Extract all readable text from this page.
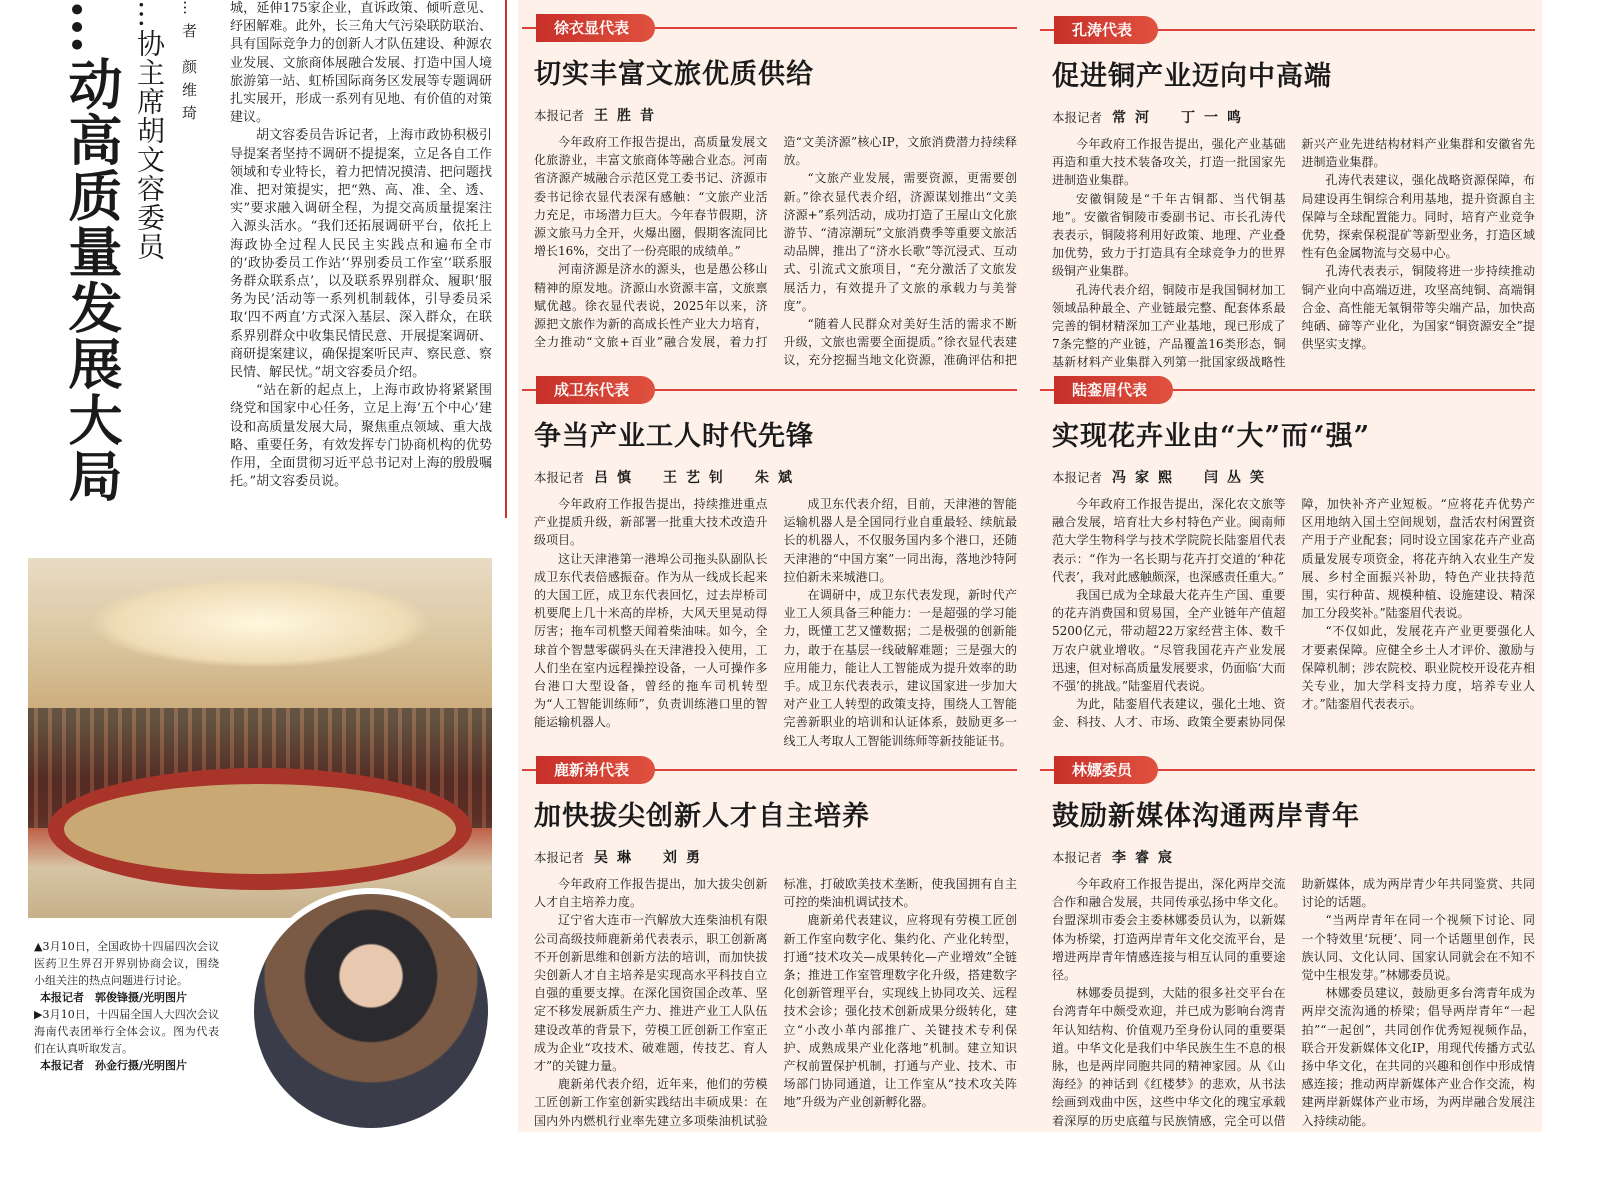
…动高质量发展大局 …协主席胡文容委员 …者 颜维琦 城，延伸175家企业，直诉政策、倾听意见、纾困解难。此外，长三角大气污染联防联治、具有国际竞争力的创新人才队伍建设、种源农业发展、文旅商体展融合发展、打造中国人境旅游第一站、虹桥国际商务区发展等专题调研扎实展开，形成一系列有见地、有价值的对策建议。

胡文容委员告诉记者，上海市政协积极引导提案者坚持不调研不提提案，立足各自工作领域和专业特长，着力把情况摸清、把问题找准、把对策提实，把“熟、高、准、全、透、实”要求融入调研全程，为提交高质量提案注入源头活水。“我们还拓展调研平台，依托上海政协全过程人民民主实践点和遍布全市的‘政协委员工作站’‘界别委员工作室’‘联系服务群众联系点’，以及联系界别群众、履职‘服务为民’活动等一系列机制载体，引导委员采取‘四不两直’方式深入基层、深入群众，在联系界别群众中收集民情民意、开展提案调研、商研提案建议，确保提案听民声、察民意、察民情、解民忧。”胡文容委员介绍。

“站在新的起点上，上海市政协将紧紧围绕党和国家中心任务，立足上海‘五个中心’建设和高质量发展大局，聚焦重点领域、重大战略、重要任务，有效发挥专门协商机构的优势作用，全面贯彻习近平总书记对上海的殷殷嘱托。”胡文容委员说。

▲3月10日，全国政协十四届四次会议医药卫生界召开界别协商会议，围绕小组关注的热点问题进行讨论。

本报记者　郭俊锋摄/光明图片

▶3月10日，十四届全国人大四次会议海南代表团举行全体会议。图为代表们在认真听取发言。

本报记者　孙金行摄/光明图片

徐衣显代表
切实丰富文旅优质供给
本报记者 王胜昔

今年政府工作报告提出，高质量发展文化旅游业，丰富文旅商体等融合业态。河南省济源产城融合示范区党工委书记、济源市委书记徐衣显代表深有感触：“文旅产业活力充足，市场潜力巨大。今年春节假期，济源文旅马力全开，火爆出圈，假期客流同比增长16%，交出了一份亮眼的成绩单。”

河南济源是济水的源头，也是愚公移山精神的原发地。济源山水资源丰富，文旅禀赋优越。徐衣显代表说，2025年以来，济源把文旅作为新的高成长性产业大力培育，全力推动“文旅+百业”融合发展，着力打造“文美济源”核心IP，文旅消费潜力持续释放。

“文旅产业发展，需要资源，更需要创新。”徐衣显代表介绍，济源谋划推出“文美济源+”系列活动，成功打造了王屋山文化旅游节、“清凉潮玩”文旅消费季等重要文旅活动品牌，推出了“济水长歌”等沉浸式、互动式、引流式文旅项目，“充分激活了文旅发展活力，有效提升了文旅的承载力与美誉度”。

“随着人民群众对美好生活的需求不断升级，文旅也需要全面提质。”徐衣显代表建议，充分挖掘当地文化资源，准确评估和把

孔涛代表
促进铜产业迈向中高端
本报记者 常河　丁一鸣

今年政府工作报告提出，强化产业基础再造和重大技术装备攻关，打造一批国家先进制造业集群。

安徽铜陵是“千年古铜都、当代铜基地”。安徽省铜陵市委副书记、市长孔涛代表表示，铜陵将利用好政策、地理、产业叠加优势，致力于打造具有全球竞争力的世界级铜产业集群。

孔涛代表介绍，铜陵市是我国铜材加工领域品种最全、产业链最完整、配套体系最完善的铜材精深加工产业基地，现已形成了7条完整的产业链，产品覆盖16类形态，铜基新材料产业集群入列第一批国家级战略性新兴产业先进结构材料产业集群和安徽省先进制造业集群。

孔涛代表建议，强化战略资源保障，布局建设再生铜综合利用基地，提升资源自主保障与全球配置能力。同时，培育产业竞争优势，探索保税混矿等新型业务，打造区域性有色金属物流与交易中心。

孔涛代表表示，铜陵将进一步持续推动铜产业向中高端迈进，攻坚高纯铜、高端铜合金、高性能无氧铜带等尖端产品，加快高纯硒、碲等产业化，为国家“铜资源安全”提供坚实支撑。

成卫东代表
争当产业工人时代先锋
本报记者 吕慎　王艺钊　朱斌

今年政府工作报告提出，持续推进重点产业提质升级，新部署一批重大技术改造升级项目。

这让天津港第一港埠公司拖头队副队长成卫东代表倍感振奋。作为从一线成长起来的大国工匠，成卫东代表回忆，过去岸桥司机要爬上几十米高的岸桥，大风天里晃动得厉害；拖车司机整天闻着柴油味。如今，全球首个智慧零碳码头在天津港投入使用，工人们坐在室内远程操控设备，一人可操作多台港口大型设备，曾经的拖车司机转型为“人工智能训练师”，负责训练港口里的智能运输机器人。

成卫东代表介绍，目前，天津港的智能运输机器人是全国同行业自重最轻、续航最长的机器人，不仅服务国内多个港口，还随天津港的“中国方案”一同出海，落地沙特阿拉伯新未来城港口。

在调研中，成卫东代表发现，新时代产业工人须具备三种能力：一是超强的学习能力，既懂工艺又懂数据；二是极强的创新能力，敢于在基层一线破解难题；三是强大的应用能力，能让人工智能成为提升效率的助手。成卫东代表表示，建议国家进一步加大对产业工人转型的政策支持，围绕人工智能完善新职业的培训和认证体系，鼓励更多一线工人考取人工智能训练师等新技能证书。

陆銮眉代表
实现花卉业由“大”而“强”
本报记者 冯家熙　闫丛笑

今年政府工作报告提出，深化农文旅等融合发展，培育壮大乡村特色产业。闽南师范大学生物科学与技术学院院长陆銮眉代表表示：“作为一名长期与花卉打交道的‘种花代表’，我对此感触颇深，也深感责任重大。”

我国已成为全球最大花卉生产国、重要的花卉消费国和贸易国，全产业链年产值超5200亿元，带动超22万家经营主体、数千万农户就业增收。“尽管我国花卉产业发展迅速，但对标高质量发展要求，仍面临‘大而不强’的挑战。”陆銮眉代表说。

为此，陆銮眉代表建议，强化土地、资金、科技、人才、市场、政策全要素协同保障，加快补齐产业短板。“应将花卉优势产区用地纳入国土空间规划，盘活农村闲置资产用于产业配套；同时设立国家花卉产业高质量发展专项资金，将花卉纳入农业生产发展、乡村全面振兴补助，特色产业扶持范围，实行种苗、规模种植、设施建设、精深加工分段奖补。”陆銮眉代表说。

“不仅如此，发展花卉产业更要强化人才要素保障。应健全乡土人才评价、激励与保障机制；涉农院校、职业院校开设花卉相关专业，加大学科支持力度，培养专业人才。”陆銮眉代表表示。

鹿新弟代表
加快拔尖创新人才自主培养
本报记者 吴琳　刘勇

今年政府工作报告提出，加大拔尖创新人才自主培养力度。

辽宁省大连市一汽解放大连柴油机有限公司高级技师鹿新弟代表表示，职工创新离不开创新思维和创新方法的培训，而加快拔尖创新人才自主培养是实现高水平科技自立自强的重要支撑。在深化国资国企改革、坚定不移发展新质生产力、推进产业工人队伍建设改革的背景下，劳模工匠创新工作室正成为企业“攻技术、破难题，传技艺、育人才”的关键力量。

鹿新弟代表介绍，近年来，他们的劳模工匠创新工作室创新实践结出丰硕成果：在国内外内燃机行业率先建立多项柴油机试验标准，打破欧美技术垄断，使我国拥有自主可控的柴油机调试技术。

鹿新弟代表建议，应将现有劳模工匠创新工作室向数字化、集约化、产业化转型，打通“技术攻关—成果转化—产业增效”全链条；推进工作室管理数字化升级，搭建数字化创新管理平台，实现线上协同攻关、远程技术会诊；强化技术创新成果分级转化，建立“小改小革内部推广、关键技术专利保护、成熟成果产业化落地”机制。建立知识产权前置保护机制，打通与产业、技术、市场部门协同通道，让工作室从“技术攻关阵地”升级为产业创新孵化器。

林娜委员
鼓励新媒体沟通两岸青年
本报记者 李睿宸

今年政府工作报告提出，深化两岸交流合作和融合发展，共同传承弘扬中华文化。台盟深圳市委会主委林娜委员认为，以新媒体为桥梁，打造两岸青年文化交流平台，是增进两岸青年情感连接与相互认同的重要途径。

林娜委员提到，大陆的很多社交平台在台湾青年中颇受欢迎，并已成为影响台湾青年认知结构、价值观乃至身份认同的重要渠道。中华文化是我们中华民族生生不息的根脉，也是两岸同胞共同的精神家园。从《山海经》的神话到《红楼梦》的悲欢，从书法绘画到戏曲中医，这些中华文化的瑰宝承载着深厚的历史底蕴与民族情感，完全可以借助新媒体，成为两岸青少年共同鉴赏、共同讨论的话题。

“当两岸青年在同一个视频下讨论、同一个特效里‘玩梗’、同一个话题里创作，民族认同、文化认同、国家认同就会在不知不觉中生根发芽。”林娜委员说。

林娜委员建议，鼓励更多台湾青年成为两岸交流沟通的桥梁；倡导两岸青年“一起拍”“一起创”，共同创作优秀短视频作品，联合开发新媒体文化IP，用现代传播方式弘扬中华文化，在共同的兴趣和创作中形成情感连接；推动两岸新媒体产业合作交流，构建两岸新媒体产业市场，为两岸融合发展注入持续动能。
